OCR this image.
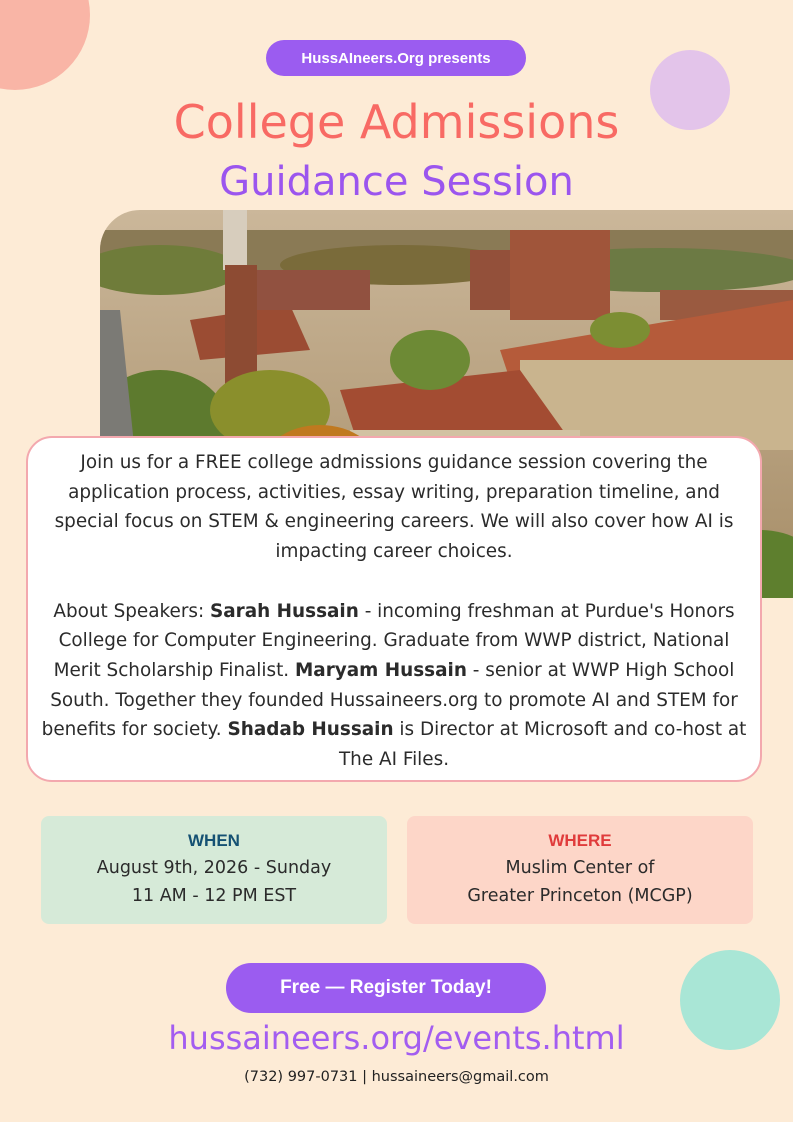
HussAIneers.Org presents
College Admissions
Guidance Session

Join us for a FREE college admissions guidance session covering the application process, activities, essay writing, preparation timeline, and special focus on STEM & engineering careers. We will also cover how AI is impacting career choices.

About Speakers: Sarah Hussain - incoming freshman at Purdue's Honors College for Computer Engineering. Graduate from WWP district, National Merit Scholarship Finalist. Maryam Hussain - senior at WWP High School South. Together they founded Hussaineers.org to promote AI and STEM for benefits for society. Shadab Hussain is Director at Microsoft and co-host at The AI Files.

WHEN
August 9th, 2026 - Sunday
11 AM - 12 PM EST
WHERE
Muslim Center of
Greater Princeton (MCGP)
Free — Register Today!
hussaineers.org/events.html
(732) 997-0731 | hussaineers@gmail.com
